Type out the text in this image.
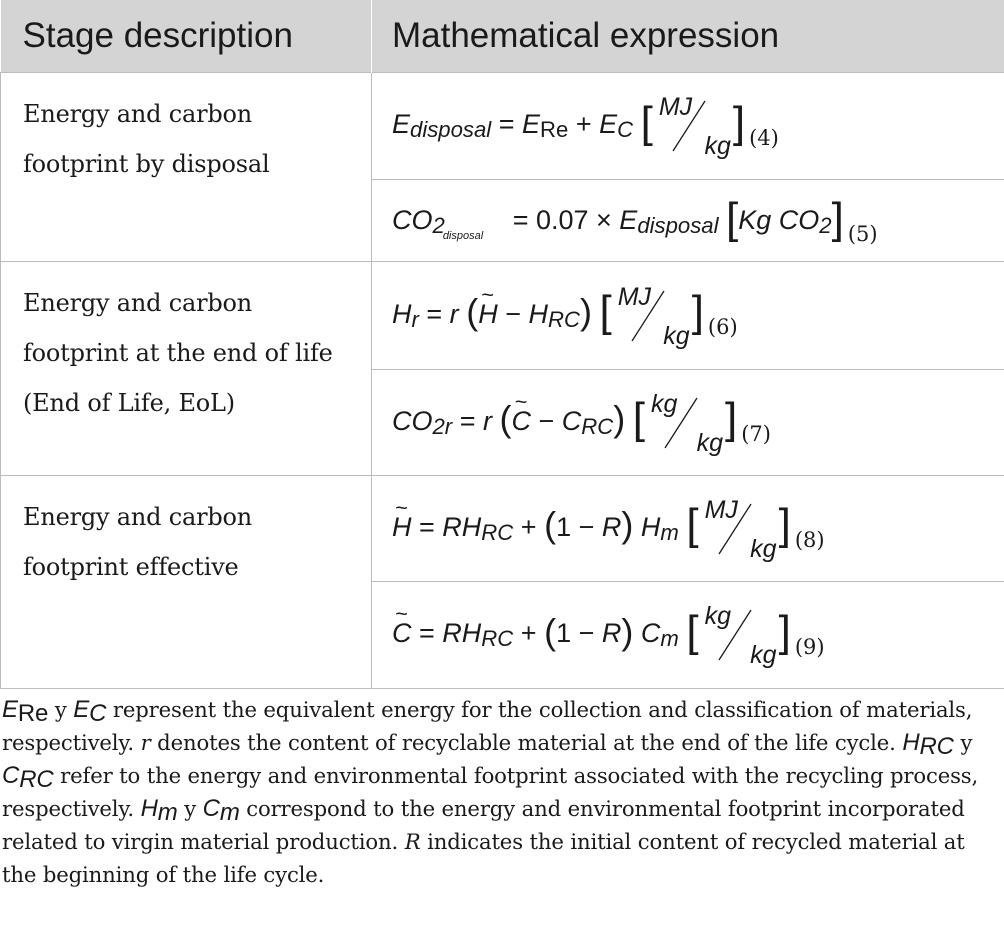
Stage description	Mathematical expression
Energy and carbon footprint by disposal	Edisposal = ERe + EC [ MJ
kg ] $_{(4)}$
	$CO2_{disposal} = 0.07$ × Edisposal [Kg CO2] $_{(5)}$
Energy and carbon footprint at the end of life (End of Life, EoL)	Hr = r (~ H − HRC) [ MJ
kg ] $_{(6)}$
	CO2r = r (~ C − CRC) [ kg
kg ] $_{(7)}$
Energy and carbon footprint effective	~ H = RHRC + (1 − R) Hm [ MJ
kg ] $_{(8)}$
	~ C = RHRC + (1 − R) Cm [ kg
kg ] $_{(9)}$

ERe y EC represent the equivalent energy for the collection and classification of materials, respectively. r denotes the content of recyclable material at the end of the life cycle. HRC y CRC refer to the energy and environmental footprint associated with the recycling process, respectively. Hm y Cm correspond to the energy and environmental footprint incorporated related to virgin material production. R indicates the initial content of recycled material at the beginning of the life cycle.
